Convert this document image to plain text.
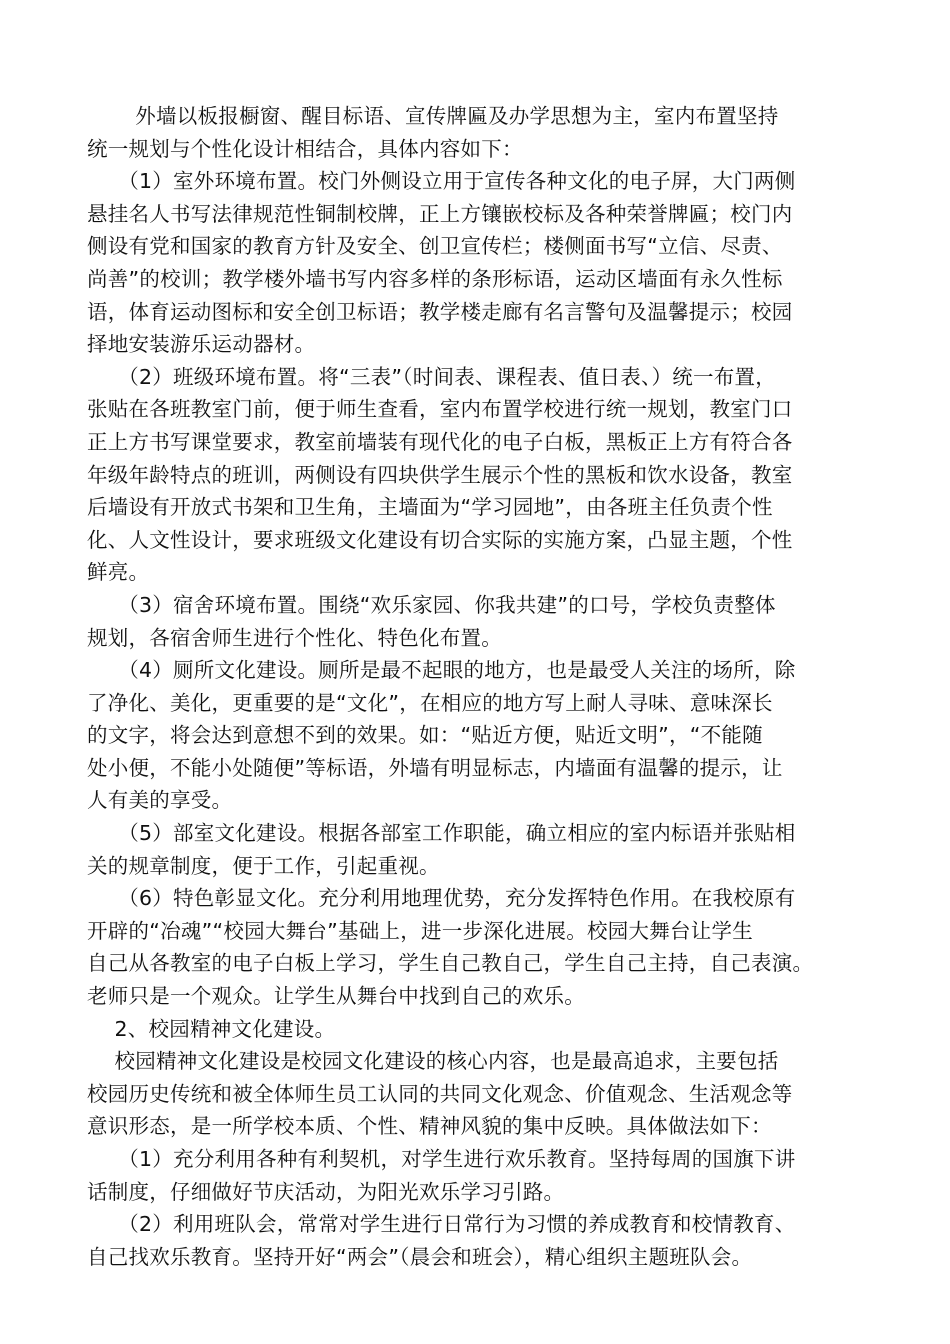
　　 外墙以板报橱窗、醒目标语、宣传牌匾及办学思想为主，室内布置坚持
统一规划与个性化设计相结合，具体内容如下：
　　（1）室外环境布置。校门外侧设立用于宣传各种文化的电子屏，大门两侧
悬挂名人书写法律规范性铜制校牌，正上方镶嵌校标及各种荣誉牌匾；校门内
侧设有党和国家的教育方针及安全、创卫宣传栏；楼侧面书写“立信、尽责、
尚善”的校训；教学楼外墙书写内容多样的条形标语，运动区墙面有永久性标
语，体育运动图标和安全创卫标语；教学楼走廊有名言警句及温馨提示；校园
择地安装游乐运动器材。
　　（2）班级环境布置。将“三表”（时间表、课程表、值日表、）统一布置，
张贴在各班教室门前，便于师生查看，室内布置学校进行统一规划，教室门口
正上方书写课堂要求，教室前墙装有现代化的电子白板，黑板正上方有符合各
年级年龄特点的班训，两侧设有四块供学生展示个性的黑板和饮水设备，教室
后墙设有开放式书架和卫生角，主墙面为“学习园地”，由各班主任负责个性
化、人文性设计，要求班级文化建设有切合实际的实施方案，凸显主题，个性
鲜亮。
　　（3）宿舍环境布置。围绕“欢乐家园、你我共建”的口号，学校负责整体
规划，各宿舍师生进行个性化、特色化布置。
　　（4）厕所文化建设。厕所是最不起眼的地方，也是最受人关注的场所，除
了净化、美化，更重要的是“文化”，在相应的地方写上耐人寻味、意味深长
的文字，将会达到意想不到的效果。如：“贴近方便，贴近文明”，“不能随
处小便，不能小处随便”等标语，外墙有明显标志，内墙面有温馨的提示，让
人有美的享受。
　　（5）部室文化建设。根据各部室工作职能，确立相应的室内标语并张贴相
关的规章制度，便于工作，引起重视。
　　（6）特色彰显文化。充分利用地理优势，充分发挥特色作用。在我校原有
开辟的“冶魂”“校园大舞台”基础上，进一步深化进展。校园大舞台让学生
自己从各教室的电子白板上学习，学生自己教自己，学生自己主持，自己表演。
老师只是一个观众。让学生从舞台中找到自己的欢乐。
　 2、校园精神文化建设。
　 校园精神文化建设是校园文化建设的核心内容，也是最高追求，主要包括
校园历史传统和被全体师生员工认同的共同文化观念、价值观念、生活观念等
意识形态，是一所学校本质、个性、精神风貌的集中反映。具体做法如下：
　　（1）充分利用各种有利契机，对学生进行欢乐教育。坚持每周的国旗下讲
话制度，仔细做好节庆活动，为阳光欢乐学习引路。
　　（2）利用班队会，常常对学生进行日常行为习惯的养成教育和校情教育、
自己找欢乐教育。坚持开好“两会”（晨会和班会），精心组织主题班队会。
